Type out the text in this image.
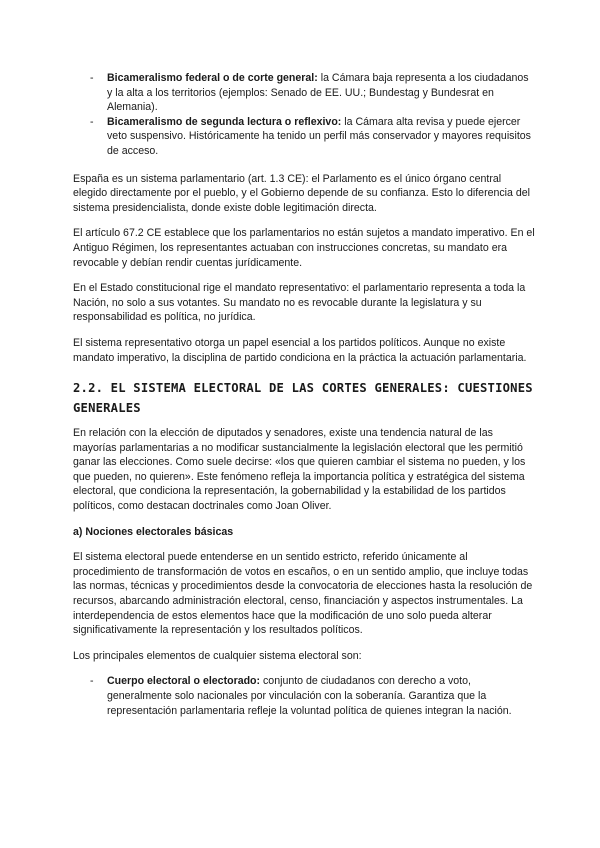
- Bicameralismo federal o de corte general: la Cámara baja representa a los ciudadanos y la alta a los territorios (ejemplos: Senado de EE. UU.; Bundestag y Bundesrat en Alemania).
- Bicameralismo de segunda lectura o reflexivo: la Cámara alta revisa y puede ejercer veto suspensivo. Históricamente ha tenido un perfil más conservador y mayores requisitos de acceso.

España es un sistema parlamentario (art. 1.3 CE): el Parlamento es el único órgano central elegido directamente por el pueblo, y el Gobierno depende de su confianza. Esto lo diferencia del sistema presidencialista, donde existe doble legitimación directa.

El artículo 67.2 CE establece que los parlamentarios no están sujetos a mandato imperativo. En el Antiguo Régimen, los representantes actuaban con instrucciones concretas, su mandato era revocable y debían rendir cuentas jurídicamente.

En el Estado constitucional rige el mandato representativo: el parlamentario representa a toda la Nación, no solo a sus votantes. Su mandato no es revocable durante la legislatura y su responsabilidad es política, no jurídica.

El sistema representativo otorga un papel esencial a los partidos políticos. Aunque no existe mandato imperativo, la disciplina de partido condiciona en la práctica la actuación parlamentaria.

2.2. EL SISTEMA ELECTORAL DE LAS CORTES GENERALES: CUESTIONES GENERALES

En relación con la elección de diputados y senadores, existe una tendencia natural de las mayorías parlamentarias a no modificar sustancialmente la legislación electoral que les permitió ganar las elecciones. Como suele decirse: «los que quieren cambiar el sistema no pueden, y los que pueden, no quieren». Este fenómeno refleja la importancia política y estratégica del sistema electoral, que condiciona la representación, la gobernabilidad y la estabilidad de los partidos políticos, como destacan doctrinales como Joan Oliver.

a) Nociones electorales básicas

El sistema electoral puede entenderse en un sentido estricto, referido únicamente al procedimiento de transformación de votos en escaños, o en un sentido amplio, que incluye todas las normas, técnicas y procedimientos desde la convocatoria de elecciones hasta la resolución de recursos, abarcando administración electoral, censo, financiación y aspectos instrumentales. La interdependencia de estos elementos hace que la modificación de uno solo pueda alterar significativamente la representación y los resultados políticos.

Los principales elementos de cualquier sistema electoral son:

- Cuerpo electoral o electorado: conjunto de ciudadanos con derecho a voto, generalmente solo nacionales por vinculación con la soberanía. Garantiza que la representación parlamentaria refleje la voluntad política de quienes integran la nación.
